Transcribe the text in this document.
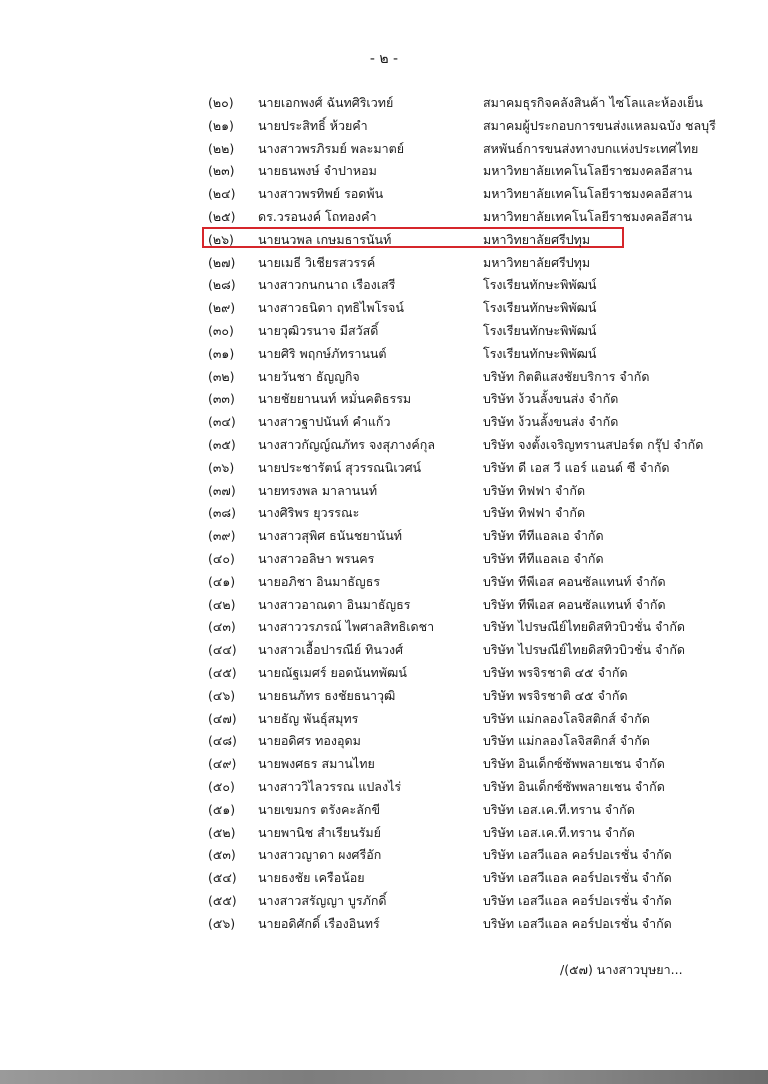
- ๒ -
(๒๐) นายเอกพงศ์ ฉันทศิริเวทย์	สมาคมธุรกิจคลังสินค้า ไซโลและห้องเย็น
(๒๑) นายประสิทธิ์ ห้วยคำ	สมาคมผู้ประกอบการขนส่งแหลมฉบัง ชลบุรี
(๒๒) นางสาวพรภิรมย์ พละมาตย์	สหพันธ์การขนส่งทางบกแห่งประเทศไทย
(๒๓) นายธนพงษ์ จำปาหอม	มหาวิทยาลัยเทคโนโลยีราชมงคลอีสาน
(๒๔) นางสาวพรทิพย์ รอดพ้น	มหาวิทยาลัยเทคโนโลยีราชมงคลอีสาน
(๒๕) ดร.วรอนงค์ โถทองคำ	มหาวิทยาลัยเทคโนโลยีราชมงคลอีสาน
(๒๖) นายนวพล เกษมธารนันท์	มหาวิทยาลัยศรีปทุม
(๒๗) นายเมธี วิเชียรสวรรค์	มหาวิทยาลัยศรีปทุม
(๒๘) นางสาวกนกนาถ เรืองเสรี	โรงเรียนทักษะพิพัฒน์
(๒๙) นางสาวธนิดา ฤทธิไพโรจน์	โรงเรียนทักษะพิพัฒน์
(๓๐) นายวุฒิวรนาจ มีสวัสดิ์	โรงเรียนทักษะพิพัฒน์
(๓๑) นายศิริ พฤกษ์ภัทรานนต์	โรงเรียนทักษะพิพัฒน์
(๓๒) นายวันชา ธัญญกิจ	บริษัท กิตติแสงชัยบริการ จำกัด
(๓๓) นายชัยยานนท์ หมั่นคติธรรม	บริษัท ง้วนลั้งขนส่ง จำกัด
(๓๔) นางสาวฐาปนันท์ คำแก้ว	บริษัท ง้วนลั้งขนส่ง จำกัด
(๓๕) นางสาวกัญญ์ณภัทร จงสุภางค์กุล	บริษัท จงตั้งเจริญทรานสปอร์ต กรุ๊ป จำกัด
(๓๖) นายประชารัตน์ สุวรรณนิเวศน์	บริษัท ดี เอส วี แอร์ แอนด์ ซี จำกัด
(๓๗) นายทรงพล มาลานนท์	บริษัท ทิฟฟา จำกัด
(๓๘) นางศิริพร ยุวรรณะ	บริษัท ทิฟฟา จำกัด
(๓๙) นางสาวสุพิศ ธนันชยานันท์	บริษัท ทีทีแอลเอ จำกัด
(๔๐) นางสาวอลิษา พรนคร	บริษัท ทีทีแอลเอ จำกัด
(๔๑) นายอภิชา อินมาธัญธร	บริษัท ทีพีเอส คอนซัลแทนท์ จำกัด
(๔๒) นางสาวอาณดา อินมาธัญธร	บริษัท ทีพีเอส คอนซัลแทนท์ จำกัด
(๔๓) นางสาววรภรณ์ ไพศาลสิทธิเดชา	บริษัท ไปรษณีย์ไทยดิสทิวบิวชั่น จำกัด
(๔๔) นางสาวเอื้อปารณีย์ ทินวงศ์	บริษัท ไปรษณีย์ไทยดิสทิวบิวชั่น จำกัด
(๔๕) นายณัฐเมศร์ ยอดนันทพัฒน์	บริษัท พรจิรชาติ ๔๕ จำกัด
(๔๖) นายธนภัทร ธงชัยธนาวุฒิ	บริษัท พรจิรชาติ ๔๕ จำกัด
(๔๗) นายธัญ พันธุ์สมุทร	บริษัท แม่กลองโลจิสติกส์ จำกัด
(๔๘) นายอดิศร ทองอุดม	บริษัท แม่กลองโลจิสติกส์ จำกัด
(๔๙) นายพงศธร สมานไทย	บริษัท อินเด็กซ์ซัพพลายเชน จำกัด
(๕๐) นางสาววิไลวรรณ แปลงไร่	บริษัท อินเด็กซ์ซัพพลายเชน จำกัด
(๕๑) นายเขมกร ตรังคะลักขี	บริษัท เอส.เค.ที.ทราน จำกัด
(๕๒) นายพานิช สำเรียนรัมย์	บริษัท เอส.เค.ที.ทราน จำกัด
(๕๓) นางสาวญาดา ผงศรีอัก	บริษัท เอสวีแอล คอร์ปอเรชั่น จำกัด
(๕๔) นายธงชัย เครือน้อย	บริษัท เอสวีแอล คอร์ปอเรชั่น จำกัด
(๕๕) นางสาวสรัญญา บูรภักดิ์	บริษัท เอสวีแอล คอร์ปอเรชั่น จำกัด
(๕๖) นายอดิศักดิ์ เรืองอินทร์	บริษัท เอสวีแอล คอร์ปอเรชั่น จำกัด
/(๕๗) นางสาวบุษยา...
